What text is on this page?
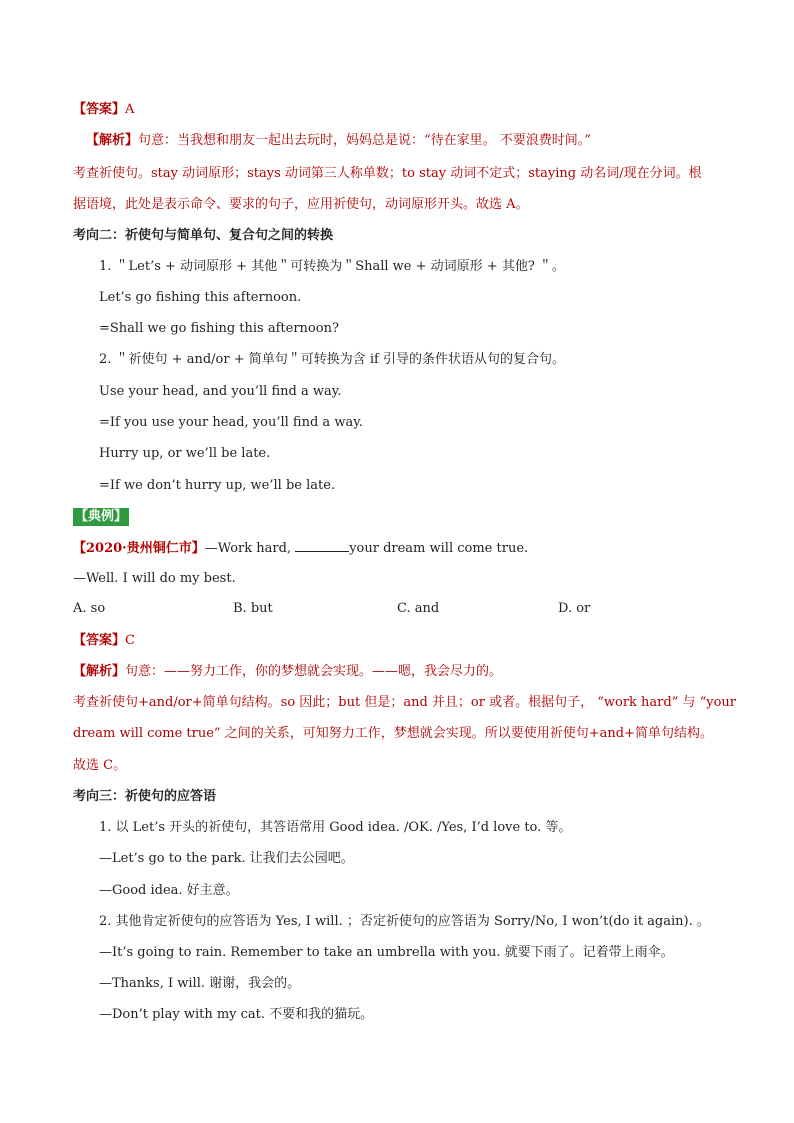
【答案】A
【解析】句意：当我想和朋友一起出去玩时，妈妈总是说：“待在家里。 不要浪费时间。”
考查祈使句。stay 动词原形；stays 动词第三人称单数；to stay 动词不定式；staying 动名词/现在分词。根
据语境，此处是表示命令、要求的句子，应用祈使句，动词原形开头。故选 A。
考向二：祈使句与简单句、复合句之间的转换
1. ＂Let’s + 动词原形 + 其他＂可转换为＂Shall we + 动词原形 + 其他? ＂。
Let’s go fishing this afternoon.
=Shall we go fishing this afternoon?
2. ＂祈使句 + and/or + 简单句＂可转换为含 if 引导的条件状语从句的复合句。
Use your head, and you’ll find a way.
=If you use your head, you’ll find a way.
Hurry up, or we’ll be late.
=If we don’t hurry up, we’ll be late.
【典例】
【2020·贵州铜仁市】—Work hard,	your dream will come true.
—Well. I will do my best.
A. so	B. but	C. and	D. or
【答案】C
【解析】句意：——努力工作，你的梦想就会实现。——嗯，我会尽力的。
考查祈使句+and/or+简单句结构。so 因此；but 但是；and 并且；or 或者。根据句子， “work hard” 与 “your
dream will come true” 之间的关系，可知努力工作，梦想就会实现。所以要使用祈使句+and+简单句结构。
故选 C。
考向三：祈使句的应答语
1. 以 Let’s 开头的祈使句，其答语常用 Good idea. /OK. /Yes, I’d love to. 等。
—Let’s go to the park. 让我们去公园吧。
—Good idea. 好主意。
2. 其他肯定祈使句的应答语为 Yes, I will. ；否定祈使句的应答语为 Sorry/No, I won’t(do it again). 。
—It’s going to rain. Remember to take an umbrella with you. 就要下雨了。记着带上雨伞。
—Thanks, I will. 谢谢，我会的。
—Don’t play with my cat. 不要和我的猫玩。
